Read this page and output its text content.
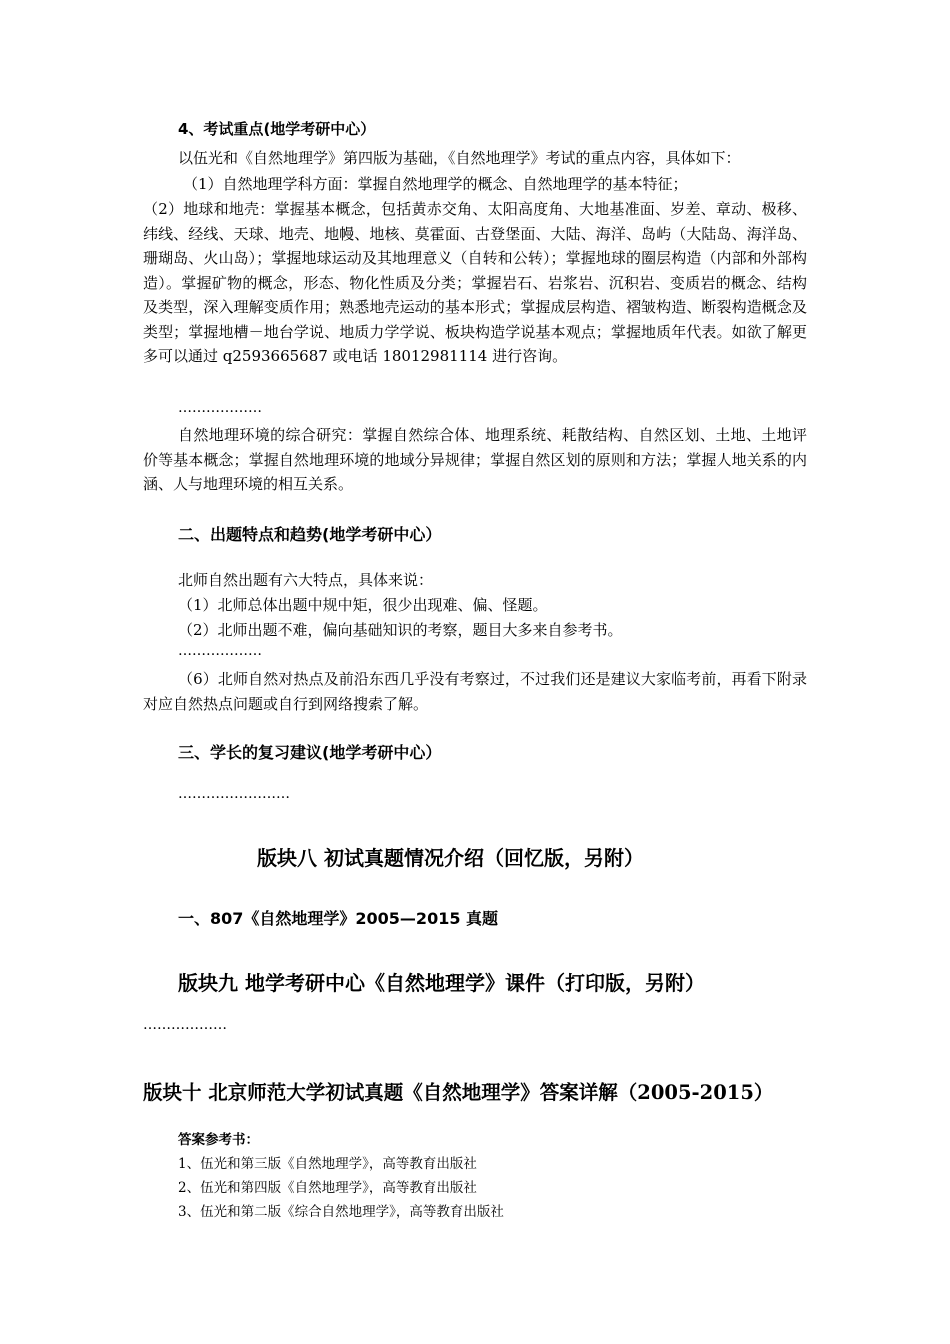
4、考试重点(地学考研中心）
以伍光和《自然地理学》第四版为基础，《自然地理学》考试的重点内容，具体如下：
（1）自然地理学科方面：掌握自然地理学的概念、自然地理学的基本特征；
（2）地球和地壳：掌握基本概念，包括黄赤交角、太阳高度角、大地基准面、岁差、章动、极移、纬线、经线、天球、地壳、地幔、地核、莫霍面、古登堡面、大陆、海洋、岛屿（大陆岛、海洋岛、珊瑚岛、火山岛）；掌握地球运动及其地理意义（自转和公转）；掌握地球的圈层构造（内部和外部构造）。掌握矿物的概念，形态、物化性质及分类；掌握岩石、岩浆岩、沉积岩、变质岩的概念、结构及类型，深入理解变质作用；熟悉地壳运动的基本形式；掌握成层构造、褶皱构造、断裂构造概念及类型；掌握地槽－地台学说、地质力学学说、板块构造学说基本观点；掌握地质年代表。如欲了解更多可以通过 q2593665687 或电话 18012981114 进行咨询。
………………
自然地理环境的综合研究：掌握自然综合体、地理系统、耗散结构、自然区划、土地、土地评价等基本概念；掌握自然地理环境的地域分异规律；掌握自然区划的原则和方法；掌握人地关系的内涵、人与地理环境的相互关系。
二、出题特点和趋势(地学考研中心）
北师自然出题有六大特点，具体来说：
（1）北师总体出题中规中矩，很少出现难、偏、怪题。
（2）北师出题不难，偏向基础知识的考察，题目大多来自参考书。
………………
（6）北师自然对热点及前沿东西几乎没有考察过，不过我们还是建议大家临考前，再看下附录对应自然热点问题或自行到网络搜索了解。
三、学长的复习建议(地学考研中心）
……………………
版块八 初试真题情况介绍（回忆版，另附）
一、807《自然地理学》2005—2015 真题
版块九 地学考研中心《自然地理学》课件（打印版，另附）
………………
版块十 北京师范大学初试真题《自然地理学》答案详解（2005-2015）
答案参考书：
1、伍光和第三版《自然地理学》，高等教育出版社
2、伍光和第四版《自然地理学》，高等教育出版社
3、伍光和第二版《综合自然地理学》，高等教育出版社
